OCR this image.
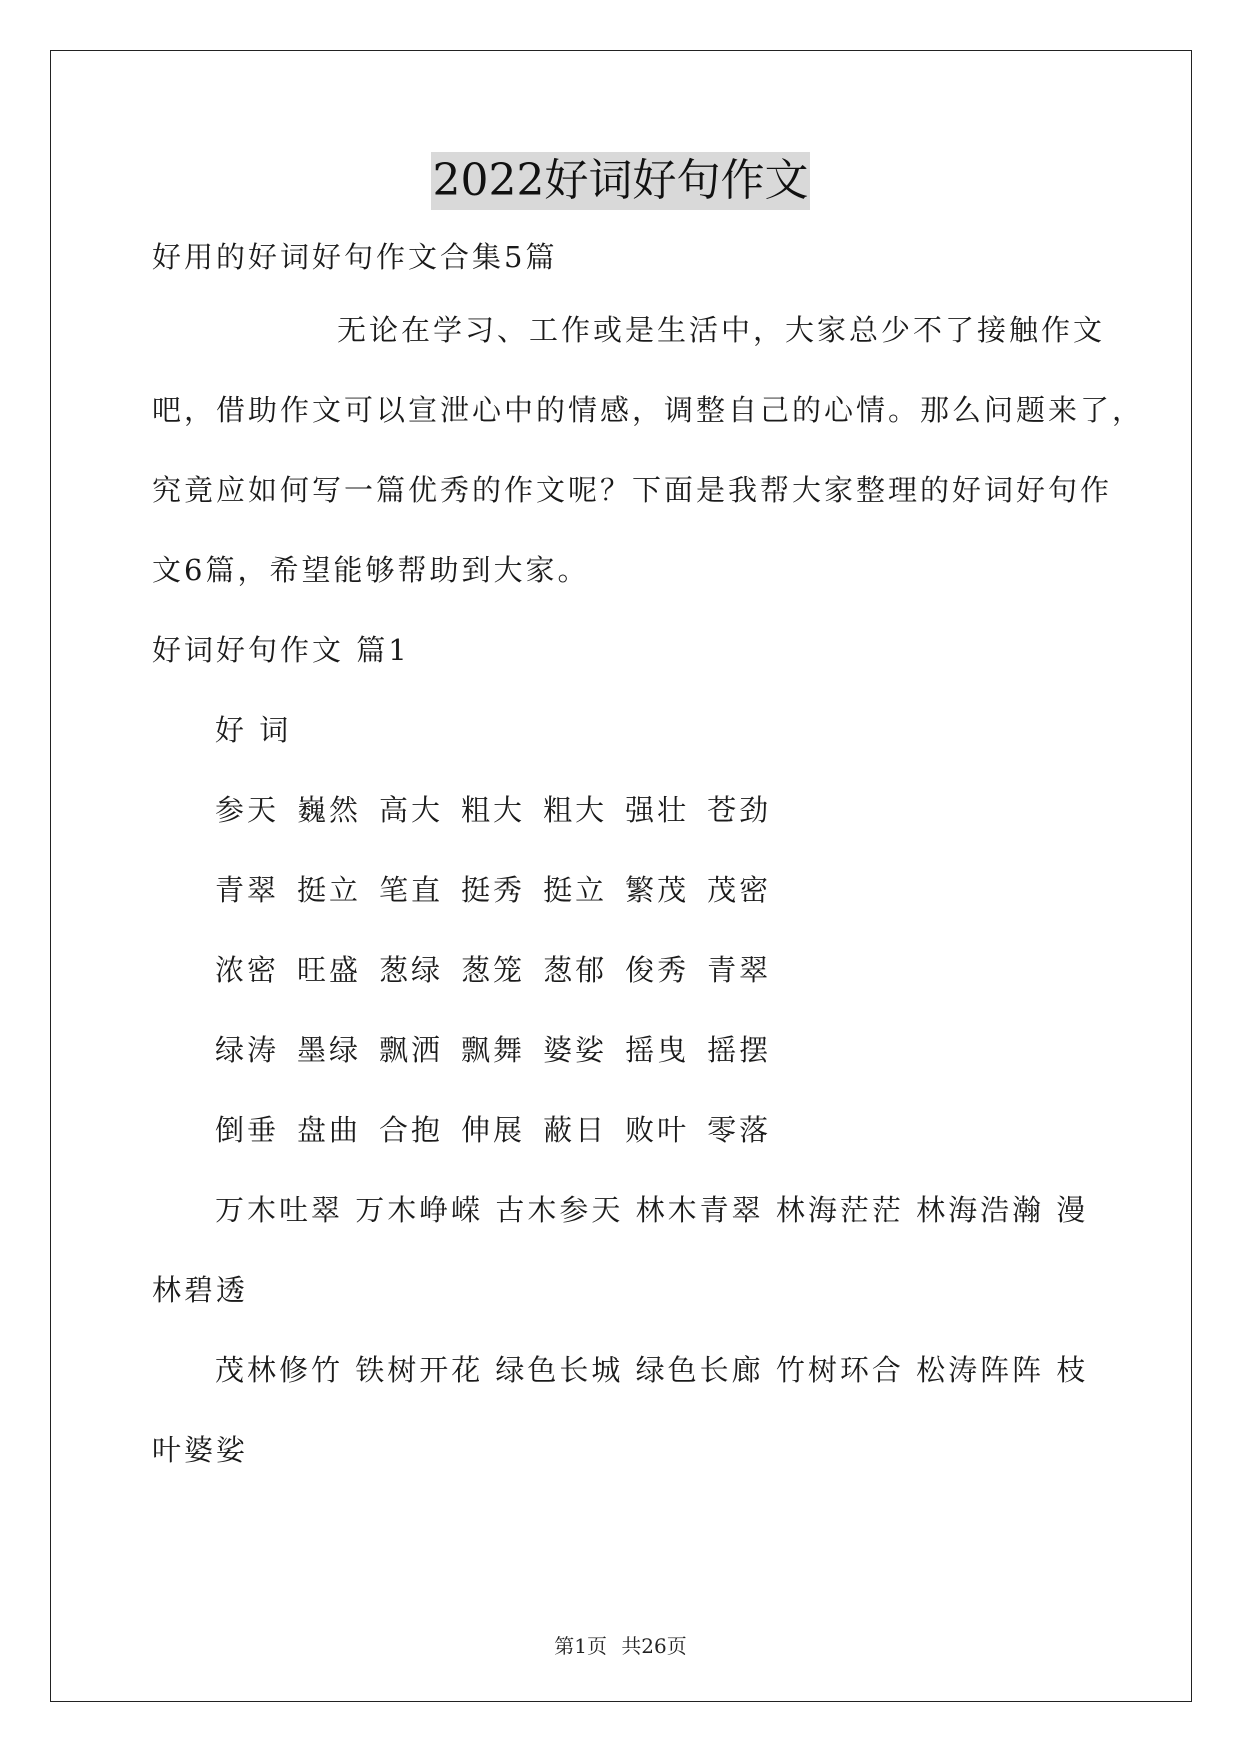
2022好词好句作文
好用的好词好句作文合集5篇
无论在学习、工作或是生活中，大家总少不了接触作文
吧，借助作文可以宣泄心中的情感，调整自己的心情。那么问题来了，
究竟应如何写一篇优秀的作文呢？下面是我帮大家整理的好词好句作
文6篇，希望能够帮助到大家。
好词好句作文 篇1
好 词
参天 巍然 高大 粗大 粗大 强壮 苍劲
青翠 挺立 笔直 挺秀 挺立 繁茂 茂密
浓密 旺盛 葱绿 葱笼 葱郁 俊秀 青翠
绿涛 墨绿 飘洒 飘舞 婆娑 摇曳 摇摆
倒垂 盘曲 合抱 伸展 蔽日 败叶 零落
万木吐翠 万木峥嵘 古木参天 林木青翠 林海茫茫 林海浩瀚 漫
林碧透
茂林修竹 铁树开花 绿色长城 绿色长廊 竹树环合 松涛阵阵 枝
叶婆娑
第1页 共26页
